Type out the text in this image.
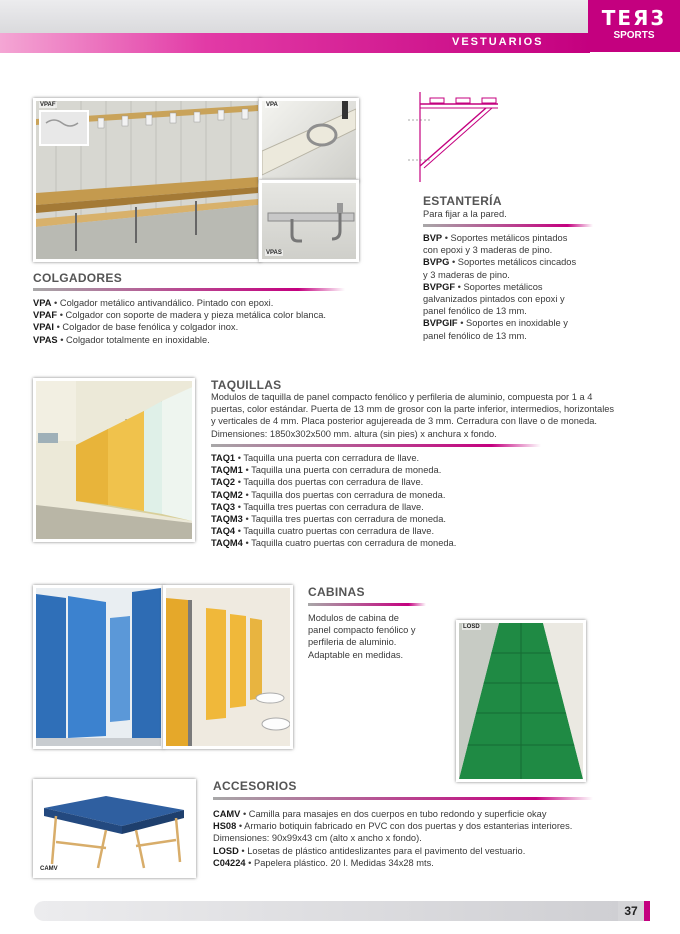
VESTUARIOS
TEЯ3
SPORTS
VPAF	VPA
VPAS
COLGADORES
VPA • Colgador metálico antivandálico. Pintado con epoxi.
VPAF • Colgador con soporte de madera y pieza metálica color blanca.
VPAI • Colgador de base fenólica y colgador inox.
VPAS • Colgador totalmente en inoxidable.
ESTANTERÍA
Para fijar a la pared.
BVP • Soportes metálicos pintados
con epoxi y 3 maderas de pino.
BVPG • Soportes metálicos cincados
y 3 maderas de pino.
BVPGF • Soportes metálicos
galvanizados pintados con epoxi y
panel fenólico de 13 mm.
BVPGIF • Soportes en inoxidable y
panel fenólico de 13 mm.
TAQUILLAS
Modulos de taquilla de panel compacto fenólico y perfileria de aluminio, compuesta por 1 a 4
puertas, color estándar. Puerta de 13 mm de grosor con la parte inferior, intermedios, horizontales
y verticales de 4 mm. Placa posterior agujereada de 3 mm. Cerradura con llave o de moneda.
Dimensiones: 1850x302x500 mm. altura (sin pies) x anchura x fondo.
TAQ1 • Taquilla una puerta con cerradura de llave.
TAQM1 • Taquilla una puerta con cerradura de moneda.
TAQ2 • Taquilla dos puertas con cerradura de llave.
TAQM2 • Taquilla dos puertas con cerradura de moneda.
TAQ3 • Taquilla tres puertas con cerradura de llave.
TAQM3 • Taquilla tres puertas con cerradura de moneda.
TAQ4 • Taquilla cuatro puertas con cerradura de llave.
TAQM4 • Taquilla cuatro puertas con cerradura de moneda.
CABINAS
Modulos de cabina de
panel compacto fenólico y
perfileria de aluminio.
Adaptable en medidas.
LOSD
CAMV
ACCESORIOS
CAMV • Camilla para masajes en dos cuerpos en tubo redondo y superficie okay
HS08 • Armario botiquin fabricado en PVC con dos puertas y dos estanterias interiores.
Dimensiones: 90x99x43 cm (alto x ancho x fondo).
LOSD • Losetas de plástico antideslizantes para el pavimento del vestuario.
C04224 • Papelera plástico. 20 l. Medidas 34x28 mts.
37
